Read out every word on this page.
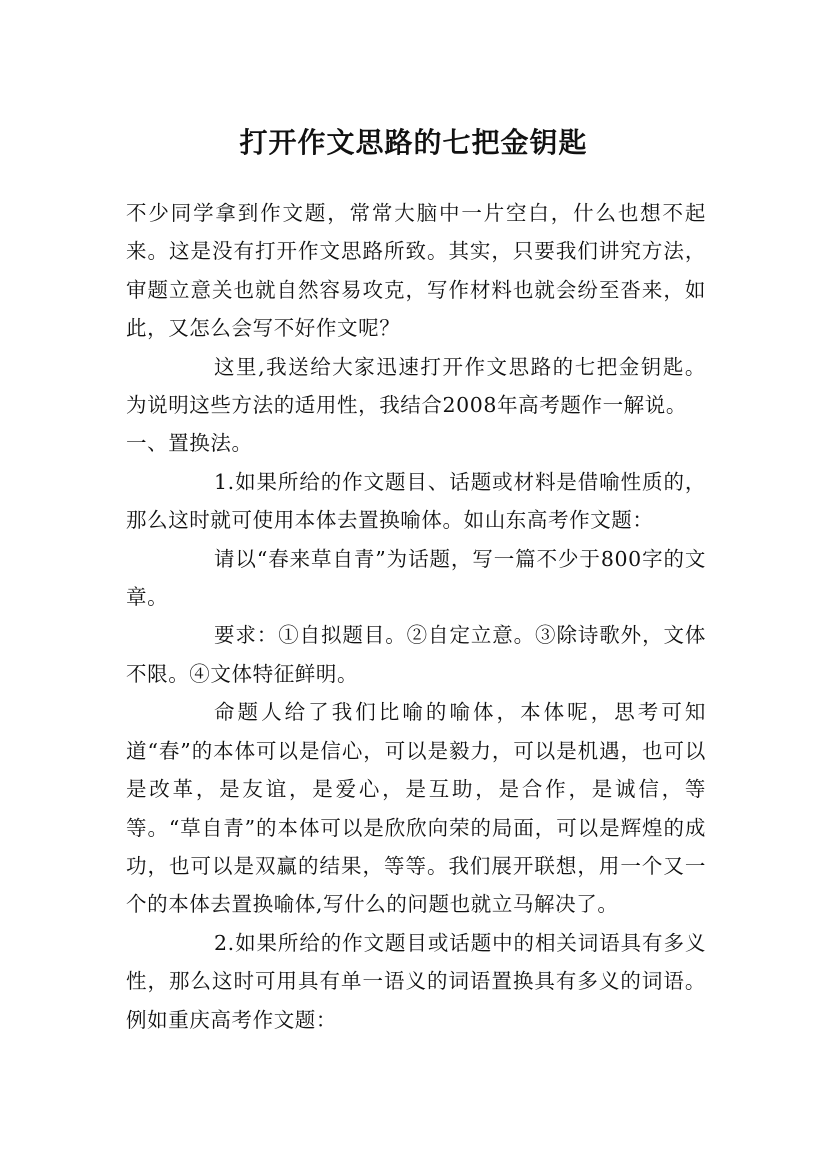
打开作文思路的七把金钥匙

不少同学拿到作文题，常常大脑中一片空白，什么也想不起来。这是没有打开作文思路所致。其实，只要我们讲究方法，审题立意关也就自然容易攻克，写作材料也就会纷至沓来，如此，又怎么会写不好作文呢？

这里,我送给大家迅速打开作文思路的七把金钥匙。为说明这些方法的适用性，我结合2008年高考题作一解说。

一、置换法。

1.如果所给的作文题目、话题或材料是借喻性质的，那么这时就可使用本体去置换喻体。如山东高考作文题：

请以“春来草自青”为话题，写一篇不少于800字的文章。

要求：①自拟题目。②自定立意。③除诗歌外，文体不限。④文体特征鲜明。

命题人给了我们比喻的喻体，本体呢，思考可知道“春”的本体可以是信心，可以是毅力，可以是机遇，也可以是改革，是友谊，是爱心，是互助，是合作，是诚信，等等。“草自青”的本体可以是欣欣向荣的局面，可以是辉煌的成功，也可以是双赢的结果，等等。我们展开联想，用一个又一个的本体去置换喻体,写什么的问题也就立马解决了。

2.如果所给的作文题目或话题中的相关词语具有多义性，那么这时可用具有单一语义的词语置换具有多义的词语。例如重庆高考作文题：
